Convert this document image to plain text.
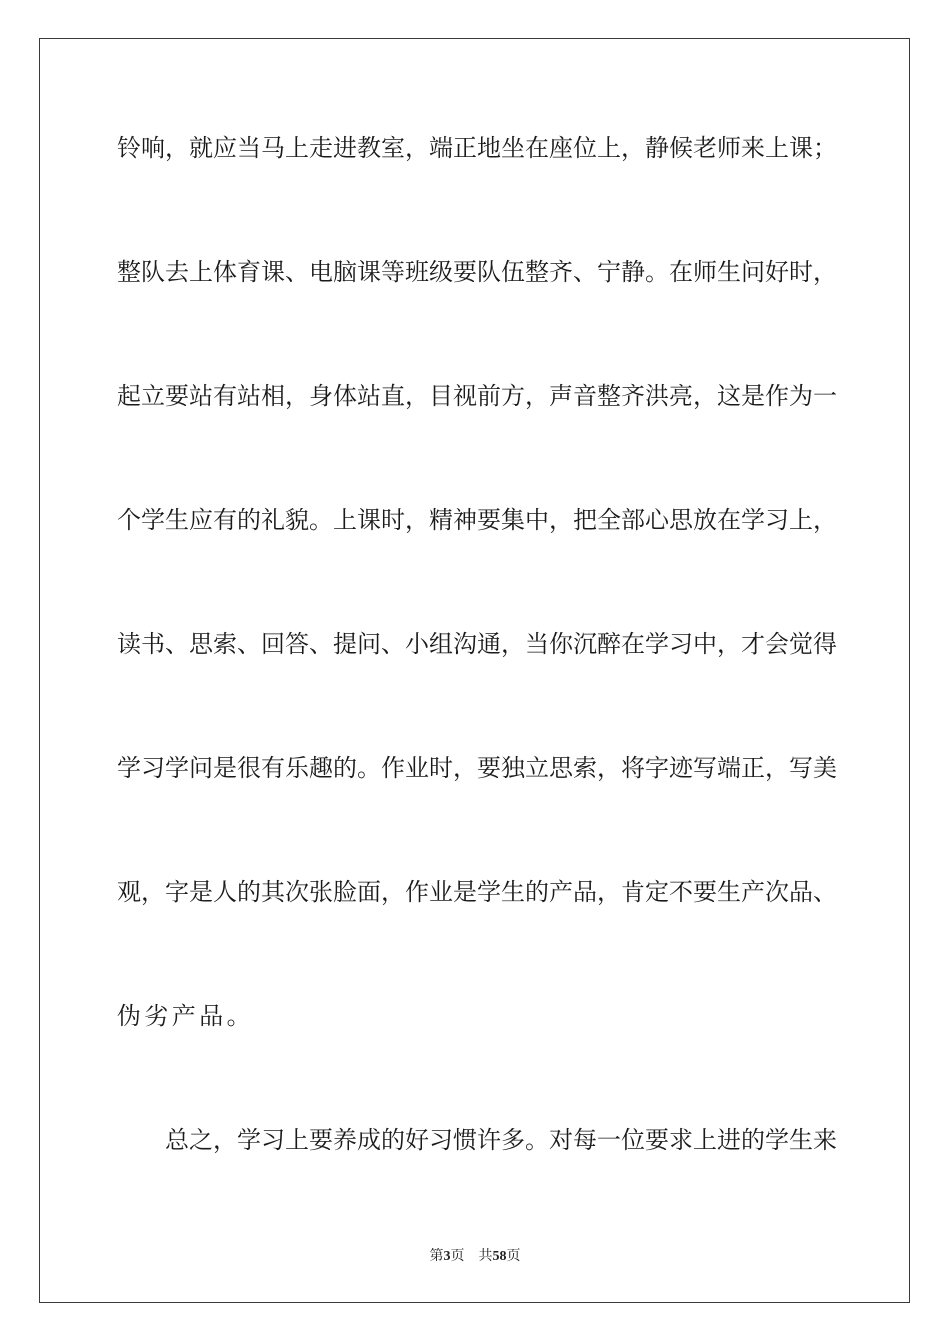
铃响，就应当马上走进教室，端正地坐在座位上，静候老师来上课；
整队去上体育课、电脑课等班级要队伍整齐、宁静。在师生问好时，
起立要站有站相，身体站直，目视前方，声音整齐洪亮，这是作为一
个学生应有的礼貌。上课时，精神要集中，把全部心思放在学习上，
读书、思索、回答、提问、小组沟通，当你沉醉在学习中，才会觉得
学习学问是很有乐趣的。作业时，要独立思索，将字迹写端正，写美
观，字是人的其次张脸面，作业是学生的产品，肯定不要生产次品、
伪劣产品。
总之，学习上要养成的好习惯许多。对每一位要求上进的学生来
第3页 共58页
